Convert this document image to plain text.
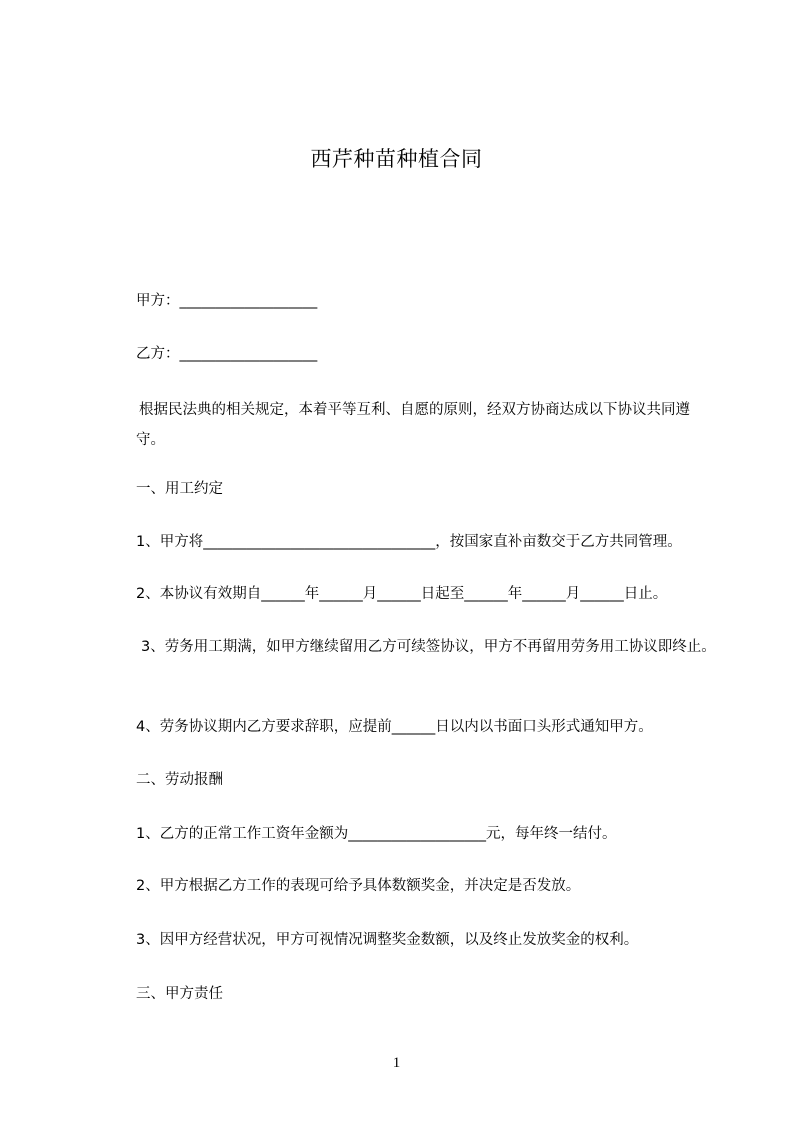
西芹种苗种植合同
甲方：___________________
乙方：___________________
根据民法典的相关规定，本着平等互利、自愿的原则，经双方协商达成以下协议共同遵守。
一、用工约定
1、甲方将________________________________，按国家直补亩数交于乙方共同管理。
2、本协议有效期自______年______月______日起至______年______月______日止。
3、劳务用工期满，如甲方继续留用乙方可续签协议，甲方不再留用劳务用工协议即终止。
4、劳务协议期内乙方要求辞职，应提前______日以内以书面口头形式通知甲方。
二、劳动报酬
1、乙方的正常工作工资年金额为___________________元，每年终一结付。
2、甲方根据乙方工作的表现可给予具体数额奖金，并决定是否发放。
3、因甲方经营状况，甲方可视情况调整奖金数额，以及终止发放奖金的权利。
三、甲方责任
1
